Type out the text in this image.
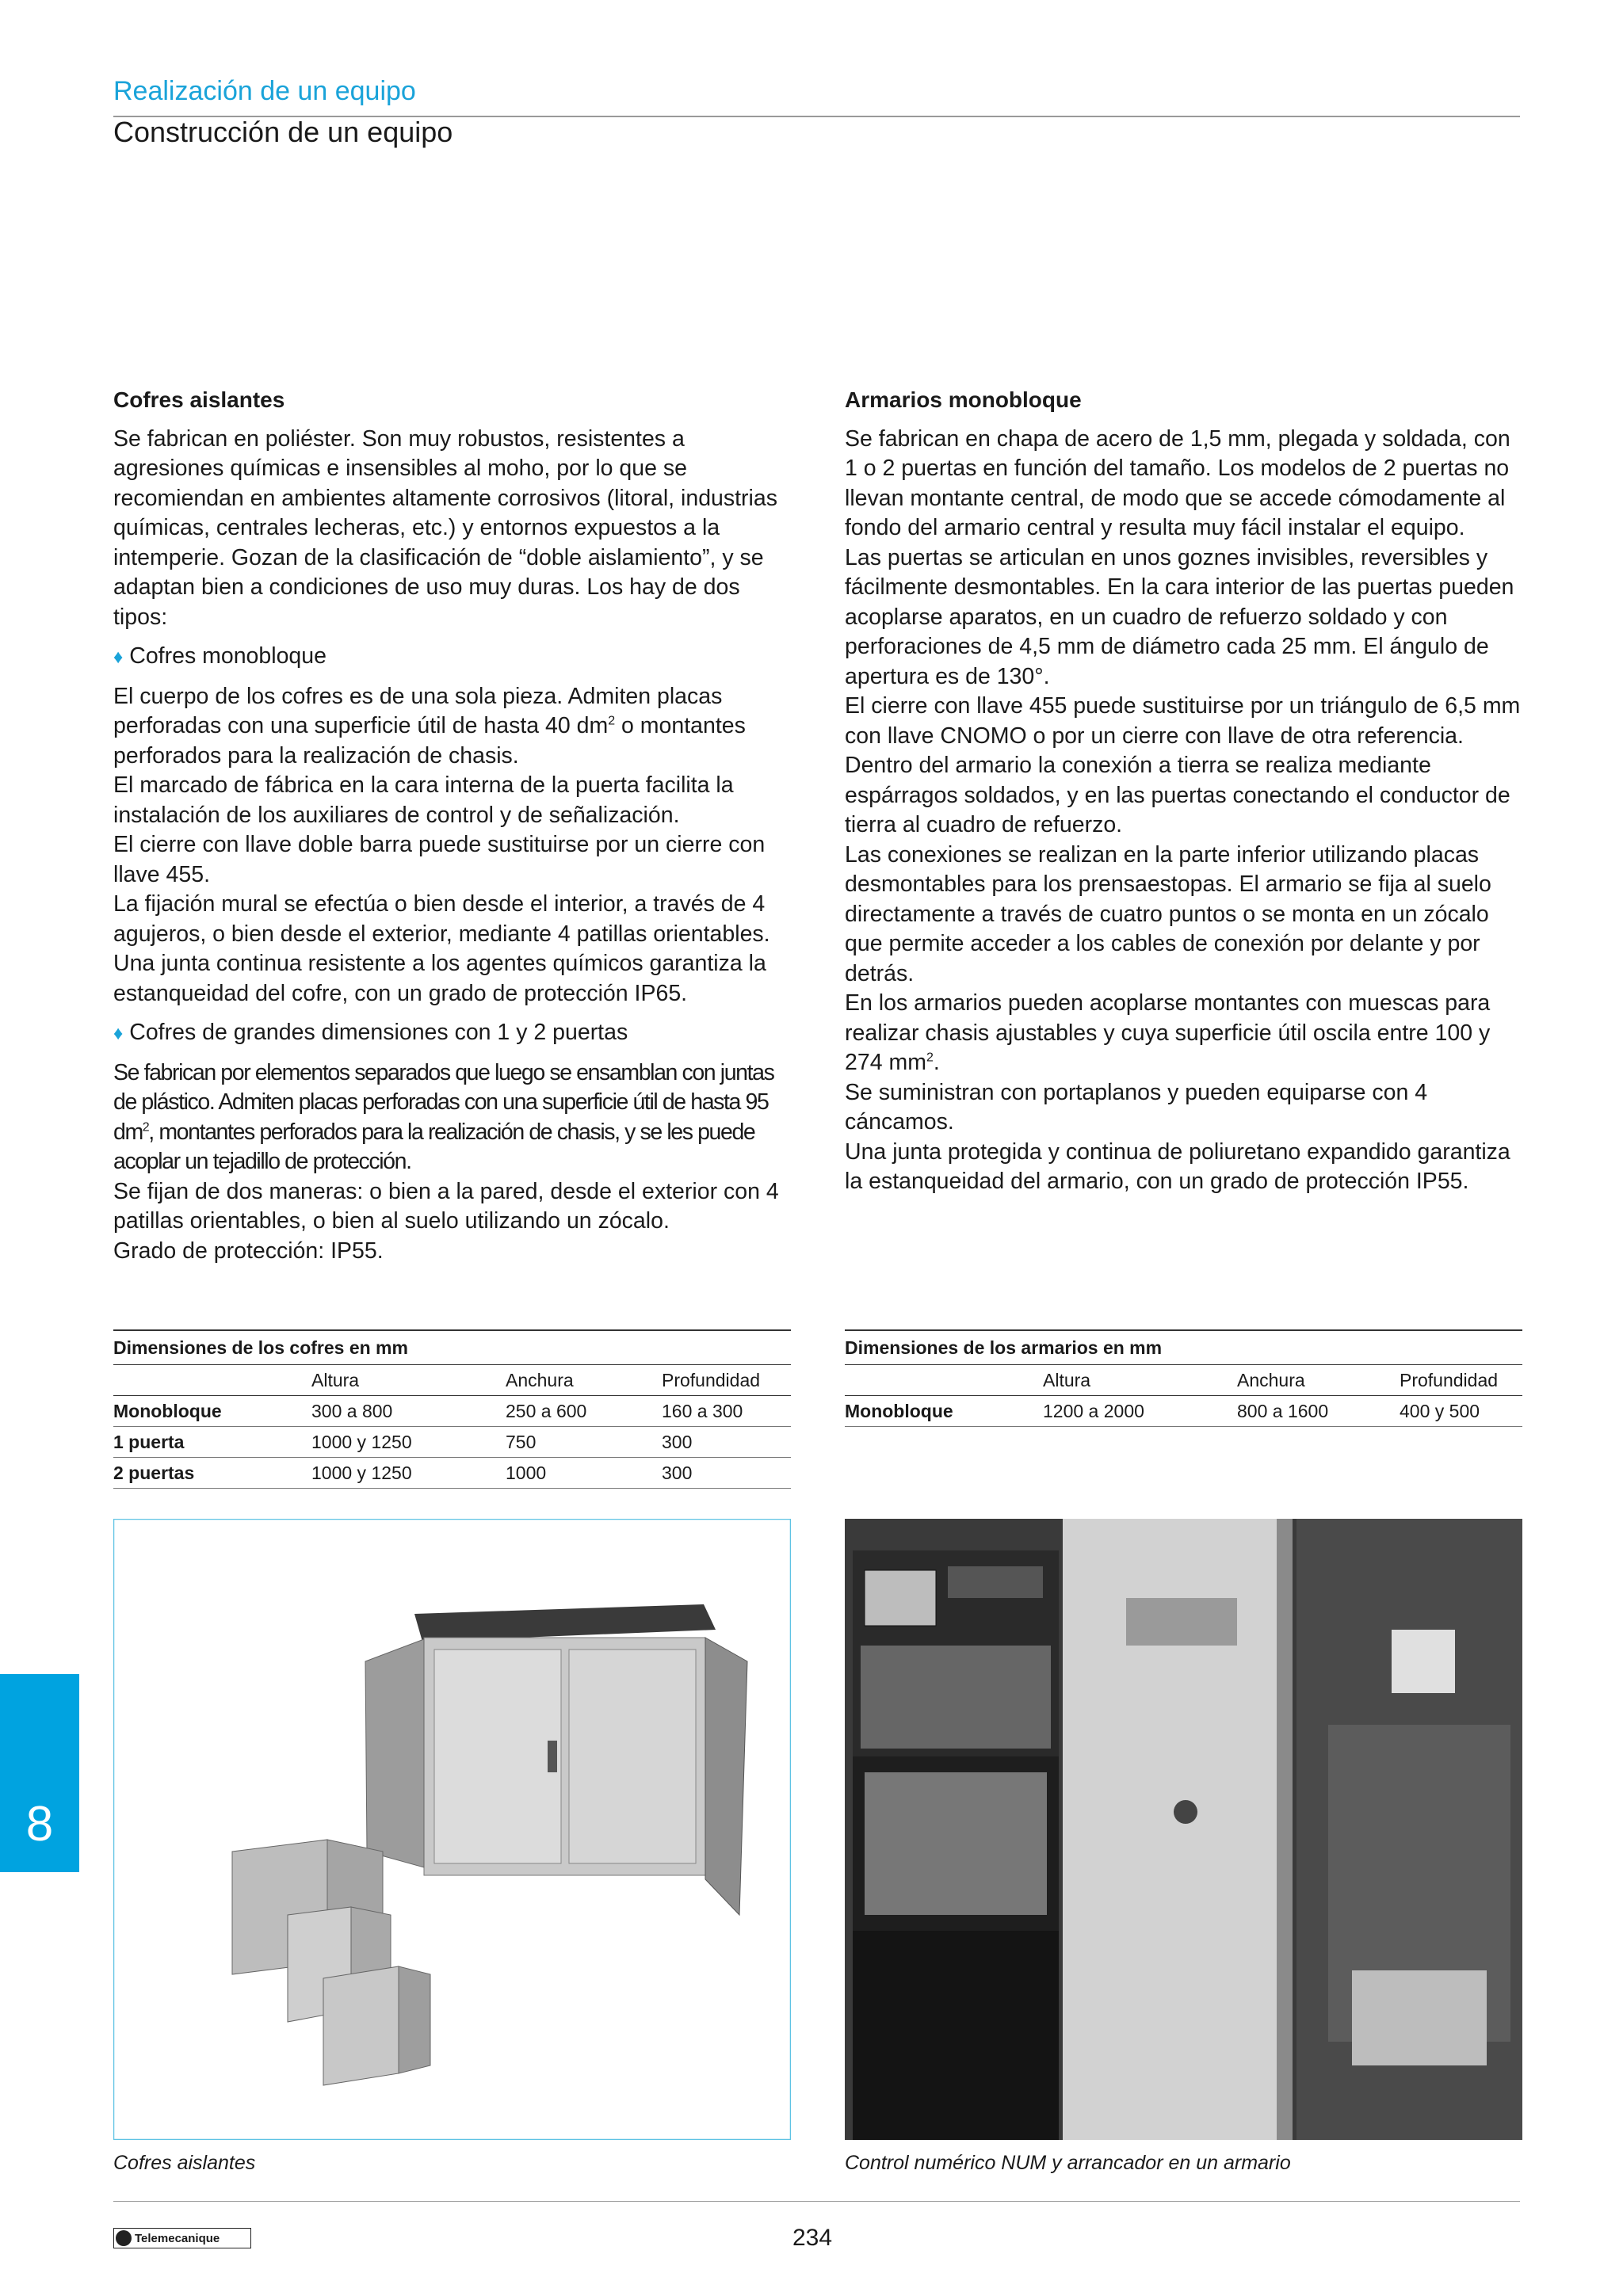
Realización de un equipo
Construcción de un equipo

Cofres aislantes

Se fabrican en poliéster. Son muy robustos, resistentes a agresiones químicas e insensibles al moho, por lo que se recomiendan en ambientes altamente corrosivos (litoral, industrias químicas, centrales lecheras, etc.) y entornos expuestos a la intemperie. Gozan de la clasificación de “doble aislamiento”, y se adaptan bien a condiciones de uso muy duras. Los hay de dos tipos:

♦ Cofres monobloque

El cuerpo de los cofres es de una sola pieza. Admiten placas perforadas con una superficie útil de hasta 40 $dm^2$ o montantes perforados para la realización de chasis.

El marcado de fábrica en la cara interna de la puerta facilita la instalación de los auxiliares de control y de señalización.

El cierre con llave doble barra puede sustituirse por un cierre con llave 455.

La fijación mural se efectúa o bien desde el interior, a través de 4 agujeros, o bien desde el exterior, mediante 4 patillas orientables.

Una junta continua resistente a los agentes químicos garantiza la estanqueidad del cofre, con un grado de protección IP65.

♦ Cofres de grandes dimensiones con 1 y 2 puertas

Se fabrican por elementos separados que luego se ensamblan con juntas de plástico. Admiten placas perforadas con una superficie útil de hasta 95 $dm^2$, montantes perforados para la realización de chasis, y se les puede acoplar un tejadillo de protección.

Se fijan de dos maneras: o bien a la pared, desde el exterior con 4 patillas orientables, o bien al suelo utilizando un zócalo.

Grado de protección: IP55.

Armarios monobloque

Se fabrican en chapa de acero de 1,5 mm, plegada y soldada, con 1 o 2 puertas en función del tamaño. Los modelos de 2 puertas no llevan montante central, de modo que se accede cómodamente al fondo del armario central y resulta muy fácil instalar el equipo.

Las puertas se articulan en unos goznes invisibles, reversibles y fácilmente desmontables. En la cara interior de las puertas pueden acoplarse aparatos, en un cuadro de refuerzo soldado y con perforaciones de 4,5 mm de diámetro cada 25 mm. El ángulo de apertura es de 130°.

El cierre con llave 455 puede sustituirse por un triángulo de 6,5 mm con llave CNOMO o por un cierre con llave de otra referencia.

Dentro del armario la conexión a tierra se realiza mediante espárragos soldados, y en las puertas conectando el conductor de tierra al cuadro de refuerzo.

Las conexiones se realizan en la parte inferior utilizando placas desmontables para los prensaestopas. El armario se fija al suelo directamente a través de cuatro puntos o se monta en un zócalo que permite acceder a los cables de conexión por delante y por detrás.

En los armarios pueden acoplarse montantes con muescas para realizar chasis ajustables y cuya superficie útil oscila entre 100 y 274 $mm^2$.

Se suministran con portaplanos y pueden equiparse con 4 cáncamos.

Una junta protegida y continua de poliuretano expandido garantiza la estanqueidad del armario, con un grado de protección IP55.

Dimensiones de los cofres en mm			
	Altura	Anchura	Profundidad
Monobloque	300 a 800	250 a 600	160 a 300
1 puerta	1000 y 1250	750	300
2 puertas	1000 y 1250	1000	300
Dimensiones de los armarios en mm			
	Altura	Anchura	Profundidad
Monobloque	1200 a 2000	800 a 1600	400 y 500
Cofres aislantes	Control numérico NUM y arrancador en un armario
8
Telemecanique	234
